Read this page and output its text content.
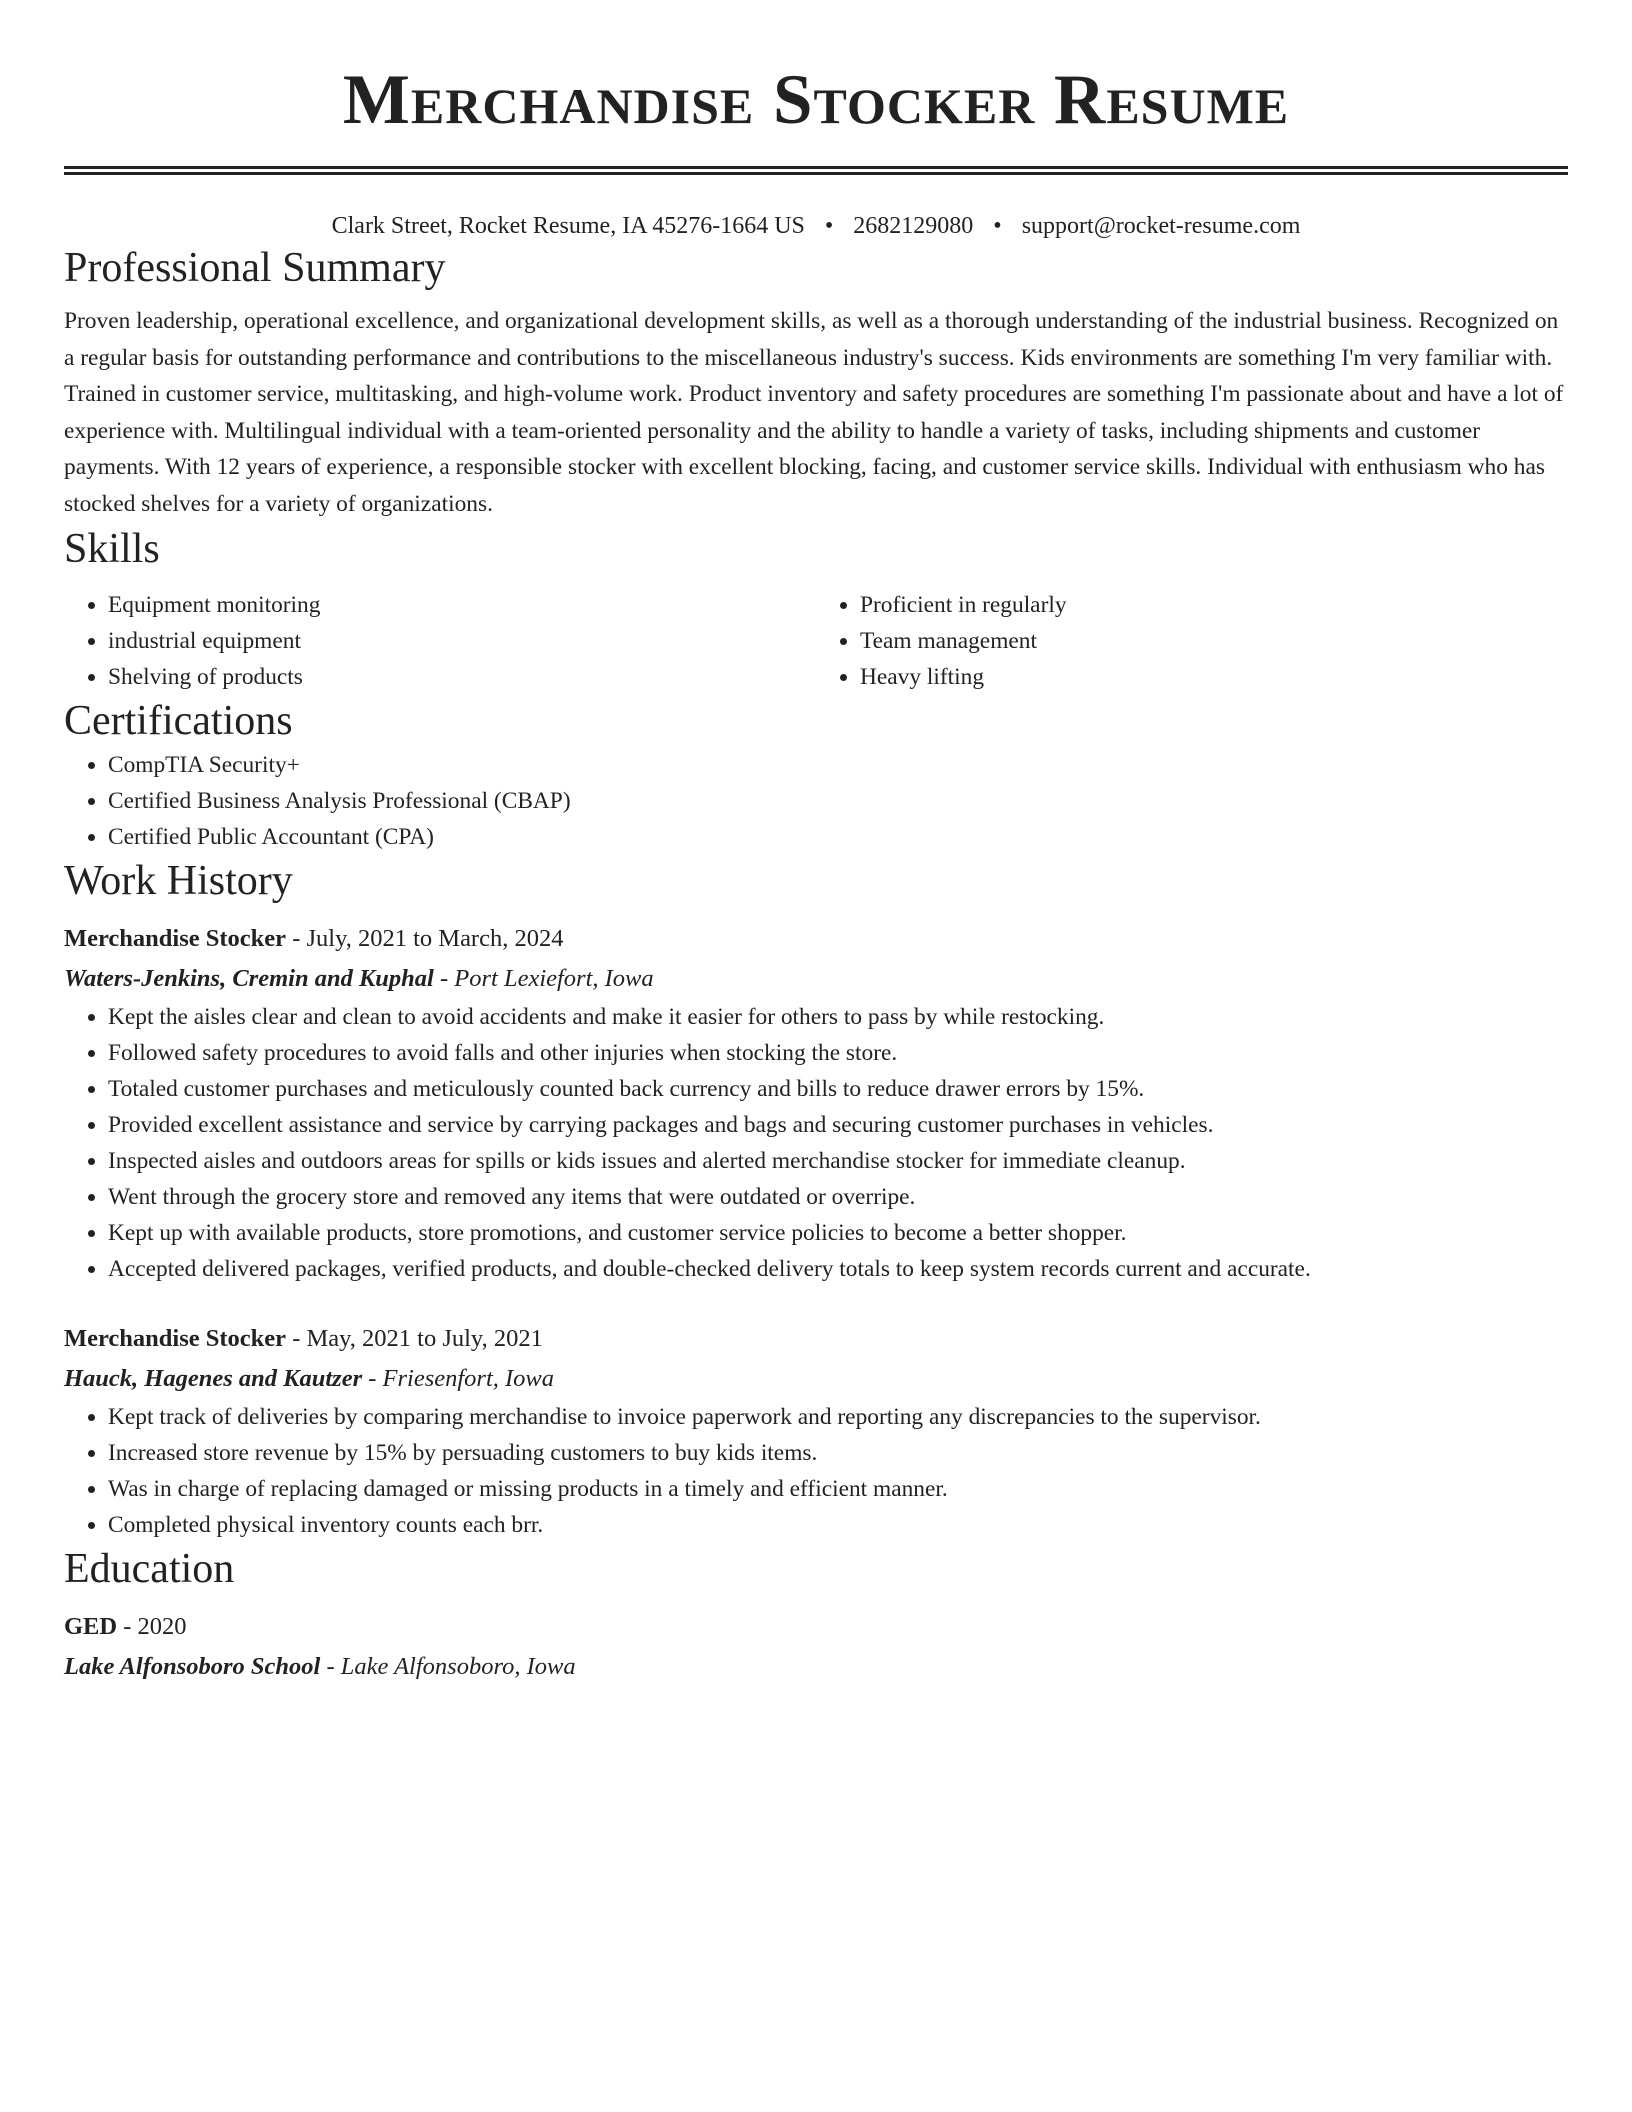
Merchandise Stocker Resume
Clark Street, Rocket Resume, IA 45276-1664 US • 2682129080 • support@rocket-resume.com
Professional Summary
Proven leadership, operational excellence, and organizational development skills, as well as a thorough understanding of the industrial business. Recognized on a regular basis for outstanding performance and contributions to the miscellaneous industry's success. Kids environments are something I'm very familiar with. Trained in customer service, multitasking, and high-volume work. Product inventory and safety procedures are something I'm passionate about and have a lot of experience with. Multilingual individual with a team-oriented personality and the ability to handle a variety of tasks, including shipments and customer payments. With 12 years of experience, a responsible stocker with excellent blocking, facing, and customer service skills. Individual with enthusiasm who has stocked shelves for a variety of organizations.
Skills
• Equipment monitoring
• industrial equipment
• Shelving of products
• Proficient in regularly
• Team management
• Heavy lifting
Certifications
• CompTIA Security+
• Certified Business Analysis Professional (CBAP)
• Certified Public Accountant (CPA)
Work History
Merchandise Stocker - July, 2021 to March, 2024
Waters-Jenkins, Cremin and Kuphal - Port Lexiefort, Iowa
• Kept the aisles clear and clean to avoid accidents and make it easier for others to pass by while restocking.
• Followed safety procedures to avoid falls and other injuries when stocking the store.
• Totaled customer purchases and meticulously counted back currency and bills to reduce drawer errors by 15%.
• Provided excellent assistance and service by carrying packages and bags and securing customer purchases in vehicles.
• Inspected aisles and outdoors areas for spills or kids issues and alerted merchandise stocker for immediate cleanup.
• Went through the grocery store and removed any items that were outdated or overripe.
• Kept up with available products, store promotions, and customer service policies to become a better shopper.
• Accepted delivered packages, verified products, and double-checked delivery totals to keep system records current and accurate.
Merchandise Stocker - May, 2021 to July, 2021
Hauck, Hagenes and Kautzer - Friesenfort, Iowa
• Kept track of deliveries by comparing merchandise to invoice paperwork and reporting any discrepancies to the supervisor.
• Increased store revenue by 15% by persuading customers to buy kids items.
• Was in charge of replacing damaged or missing products in a timely and efficient manner.
• Completed physical inventory counts each brr.
Education
GED - 2020
Lake Alfonsoboro School - Lake Alfonsoboro, Iowa
